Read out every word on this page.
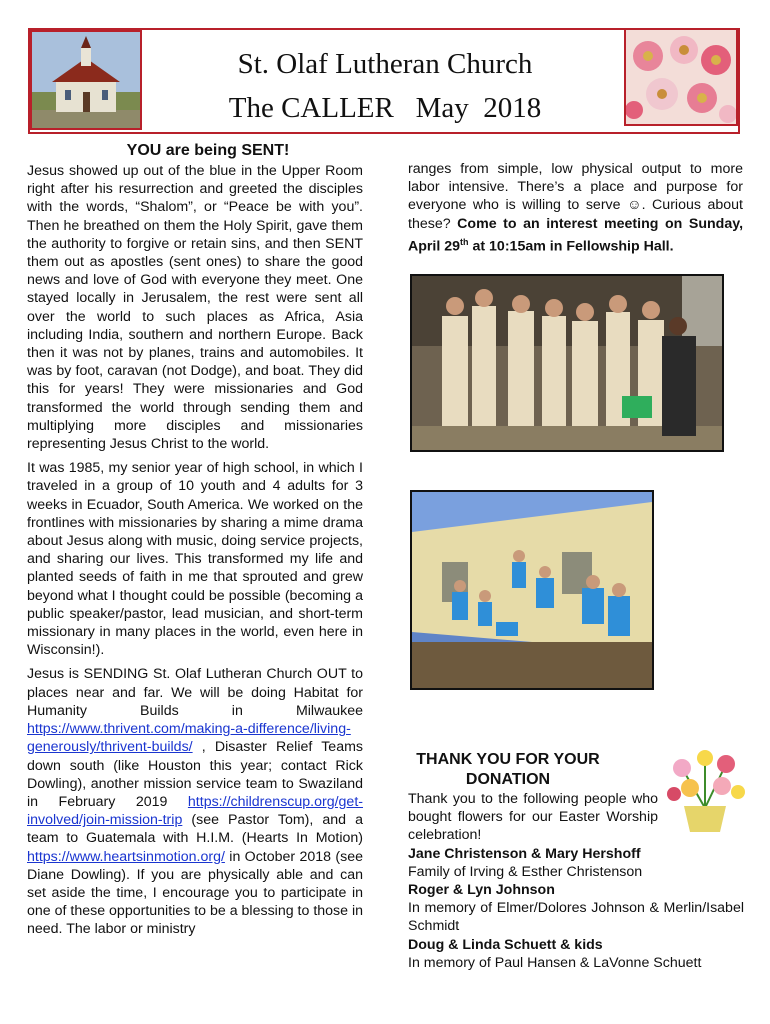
St. Olaf Lutheran Church
The CALLER   May  2018
YOU are being SENT!

Jesus showed up out of the blue in the Upper Room right after his resurrection and greeted the disciples with the words, “Shalom”, or “Peace be with you”. Then he breathed on them the Holy Spirit, gave them the authority to forgive or retain sins, and then SENT them out as apostles (sent ones) to share the good news and love of God with everyone they meet. One stayed locally in Jerusalem, the rest were sent all over the world to such places as Africa, Asia including India, southern and northern Europe. Back then it was not by planes, trains and automobiles. It was by foot, caravan (not Dodge), and boat. They did this for years! They were missionaries and God transformed the world through sending them and multiplying more disciples and missionaries representing Jesus Christ to the world.

It was 1985, my senior year of high school, in which I traveled in a group of 10 youth and 4 adults for 3 weeks in Ecuador, South America. We worked on the frontlines with missionaries by sharing a mime drama about Jesus along with music, doing service projects, and sharing our lives. This transformed my life and planted seeds of faith in me that sprouted and grew beyond what I thought could be possible (becoming a public speaker/pastor, lead musician, and short-term missionary in many places in the world, even here in Wisconsin!).

Jesus is SENDING St. Olaf Lutheran Church OUT to places near and far. We will be doing Habitat for Humanity Builds in Milwaukee https://www.thrivent.com/making-a-difference/living-generously/thrivent-builds/ , Disaster Relief Teams down south (like Houston this year; contact Rick Dowling), another mission service team to Swaziland in February 2019 https://childrenscup.org/get-involved/join-mission-trip (see Pastor Tom), and a team to Guatemala with H.I.M. (Hearts In Motion) https://www.heartsinmotion.org/ in October 2018 (see Diane Dowling). If you are physically able and can set aside the time, I encourage you to participate in one of these opportunities to be a blessing to those in need. The labor or ministry

ranges from simple, low physical output to more labor intensive. There’s a place and purpose for everyone who is willing to serve ☺. Curious about these? Come to an interest meeting on Sunday, April 29th at 10:15am in Fellowship Hall.

THANK YOU FOR YOUR
DONATION

Thank you to the following people who bought flowers for our Easter Worship celebration!

Jane Christenson & Mary Hershoff
Family of Irving & Esther Christenson
Roger & Lyn Johnson
In memory of Elmer/Dolores Johnson & Merlin/Isabel Schmidt
Doug & Linda Schuett & kids
In memory of Paul Hansen & LaVonne Schuett
